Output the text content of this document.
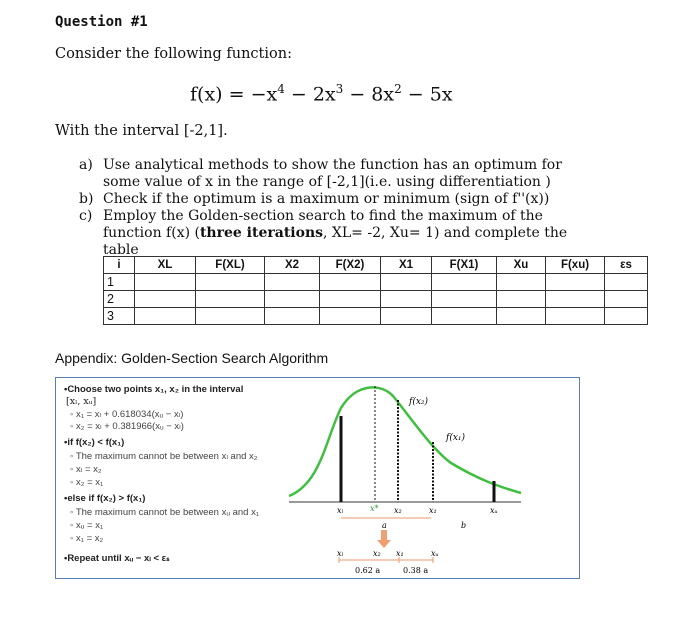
Question #1
Consider the following function:
$f(x) = -x^4 - 2x^3 - 8x^2 - 5x$
With the interval [-2,1].
a) Use analytical methods to show the function has an optimum for some value of x in the range of [-2,1](i.e. using differentiation )
b) Check if the optimum is a maximum or minimum (sign of f''(x))
c) Employ the Golden-section search to find the maximum of the function f(x) (three iterations, XL= -2, Xu= 1) and complete the table
i	XL	F(XL)	X2	F(X2)	X1	F(X1)	Xu	F(xu)	εs
1									
2									
3									
Appendix: Golden-Section Search Algorithm
•Choose two points x₁, x₂ in the interval
[xₗ, xᵤ]
◦ x₁ = xₗ + 0.618034(xᵤ − xₗ)
◦ x₂ = xₗ + 0.381966(xᵤ − xₗ)
•if f(x₂) < f(x₁)
◦ The maximum cannot be between xₗ and x₂
◦ xₗ = x₂
◦ x₂ = x₁
•else if f(x₂) > f(x₁)
◦ The maximum cannot be between xᵤ and x₁
◦ xᵤ = x₁
◦ x₁ = x₂
•Repeat until xᵤ − xₗ < εₛ
f(x₂)
f(x₁)
xₗ	x* x₂	x₁	xᵤ
a	b
xₗ	x₂ x₁	xᵤ
0.62 a	0.38 a
